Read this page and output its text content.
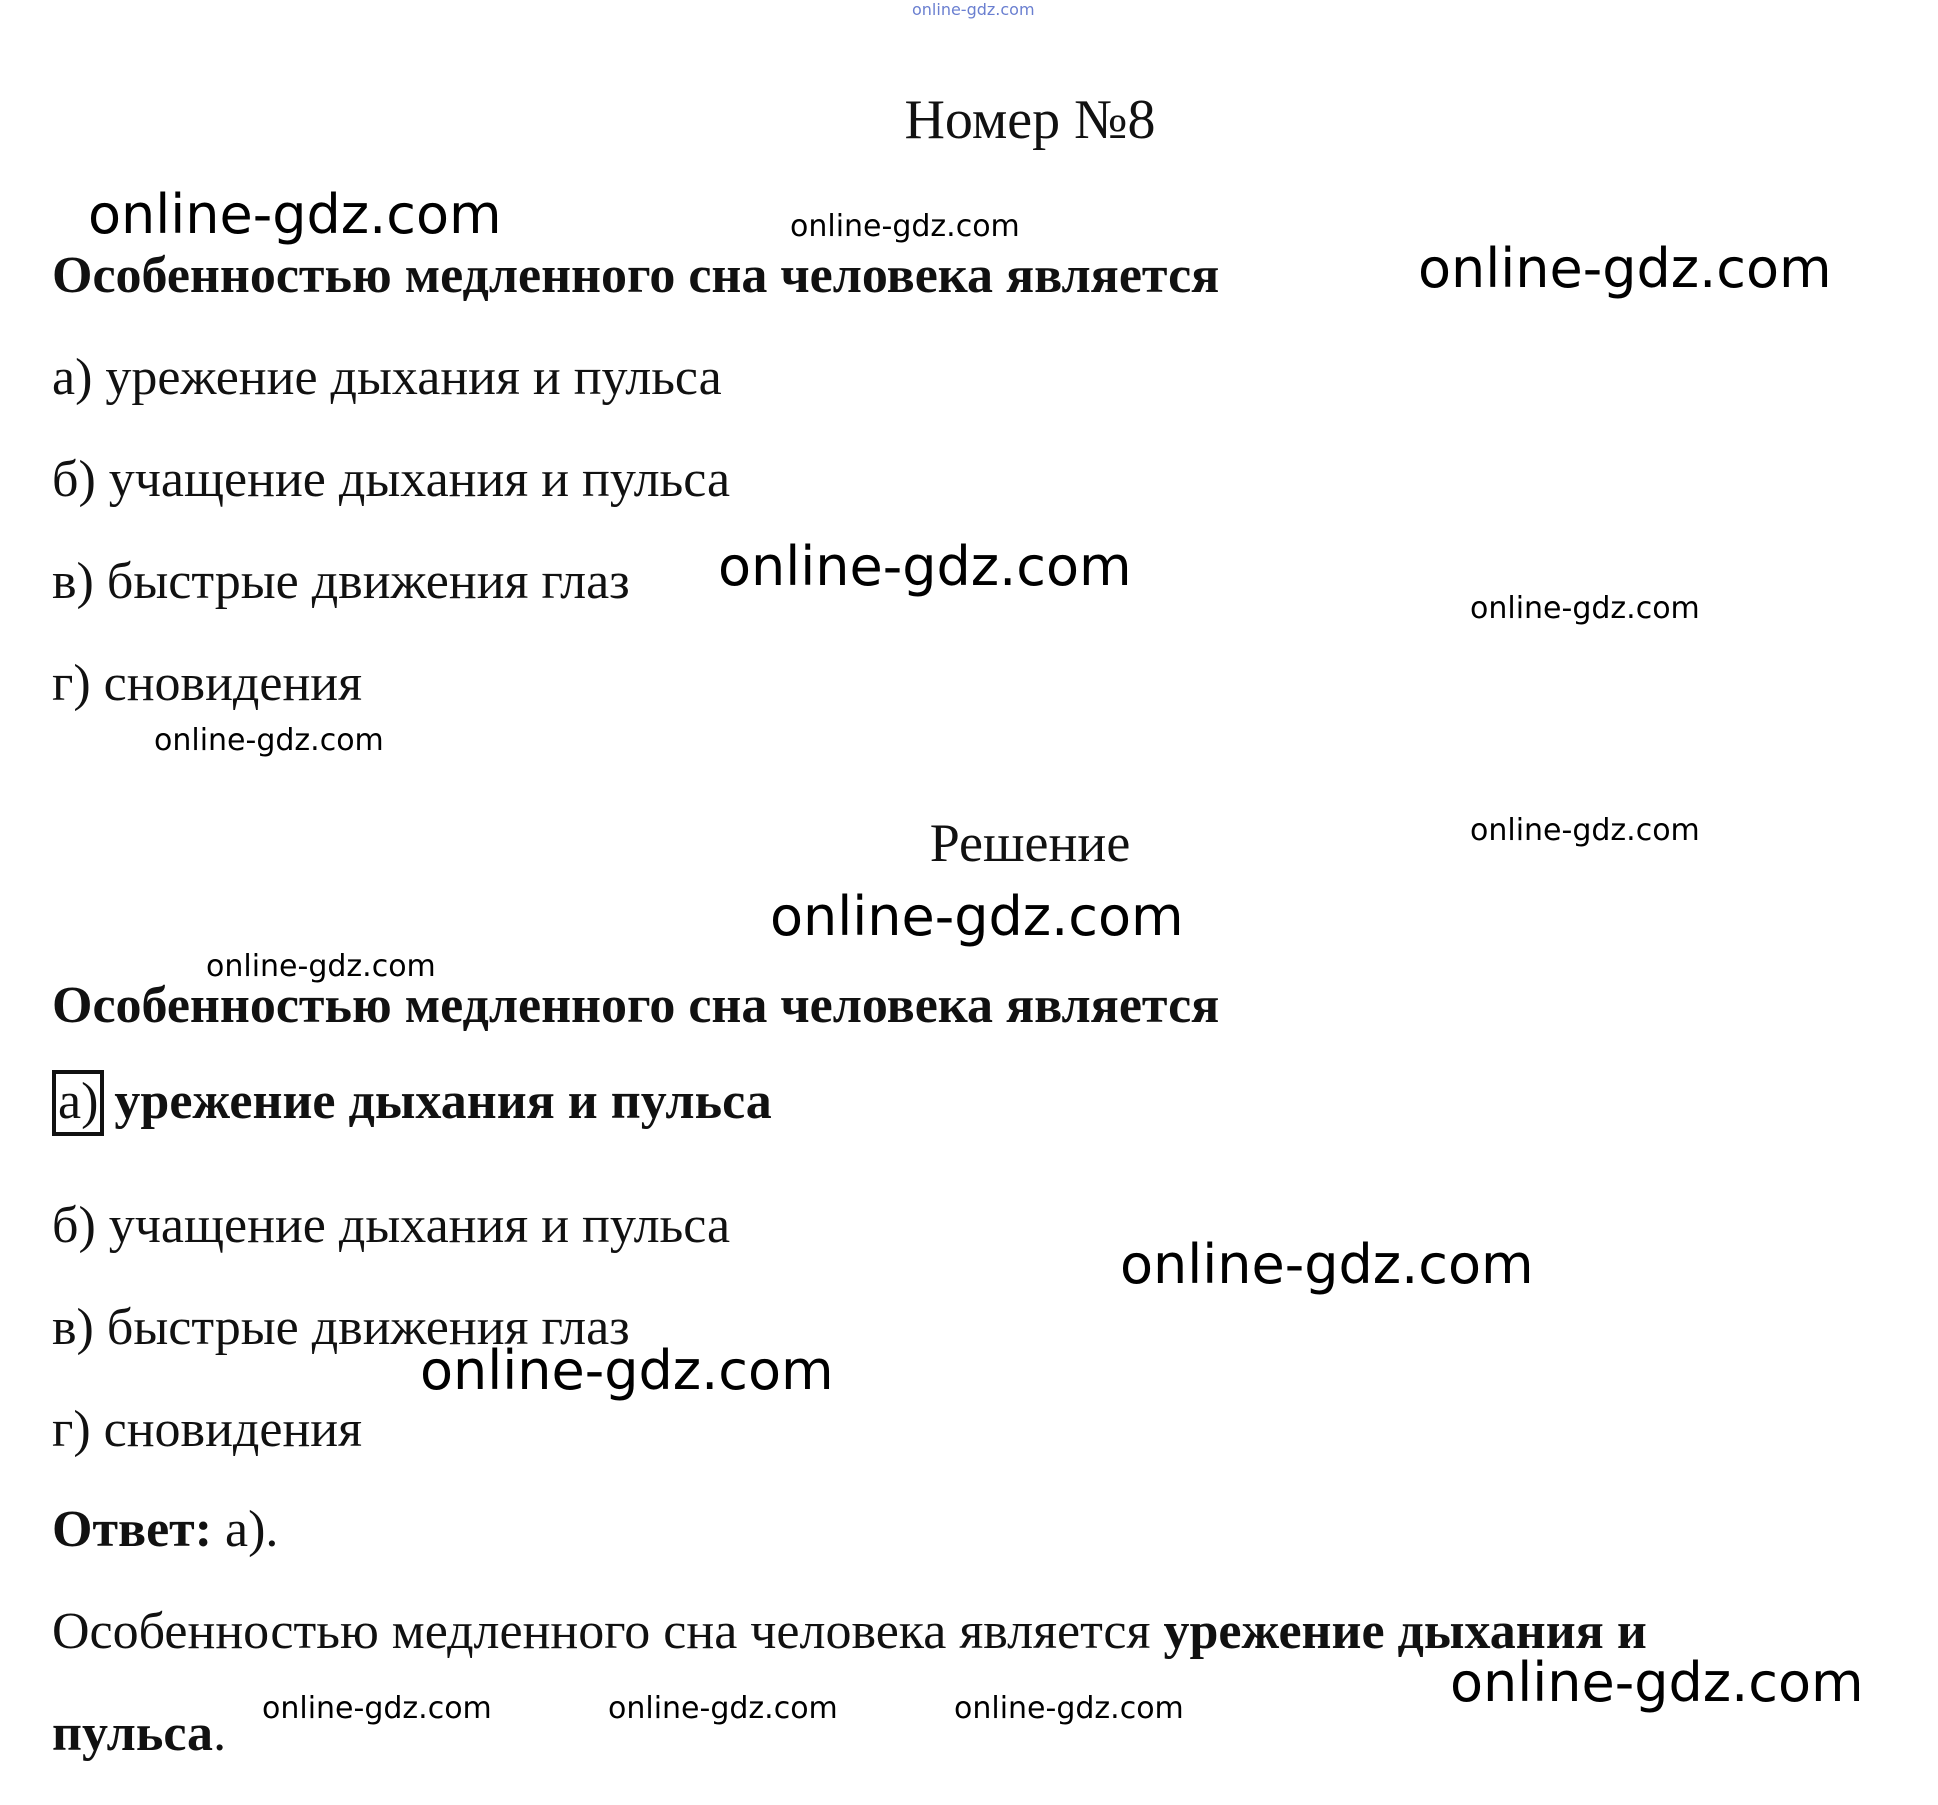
online-gdz.com
Номер №8
online-gdz.com	online-gdz.com
Особенностью медленного сна человека является	online-gdz.com
а) урежение дыхания и пульса
б) учащение дыхания и пульса
в) быстрые движения глаз online-gdz.com
online-gdz.com
г) сновидения
online-gdz.com
Решение	online-gdz.com
online-gdz.com
online-gdz.com
Особенностью медленного сна человека является
а) урежение дыхания и пульса
б) учащение дыхания и пульса
online-gdz.com
в) быстрые движения глаз
online-gdz.com
г) сновидения
Ответ: а).
Особенностью медленного сна человека является урежение дыхания и
online-gdz.com
пульса. online-gdz.com	online-gdz.com	online-gdz.com
